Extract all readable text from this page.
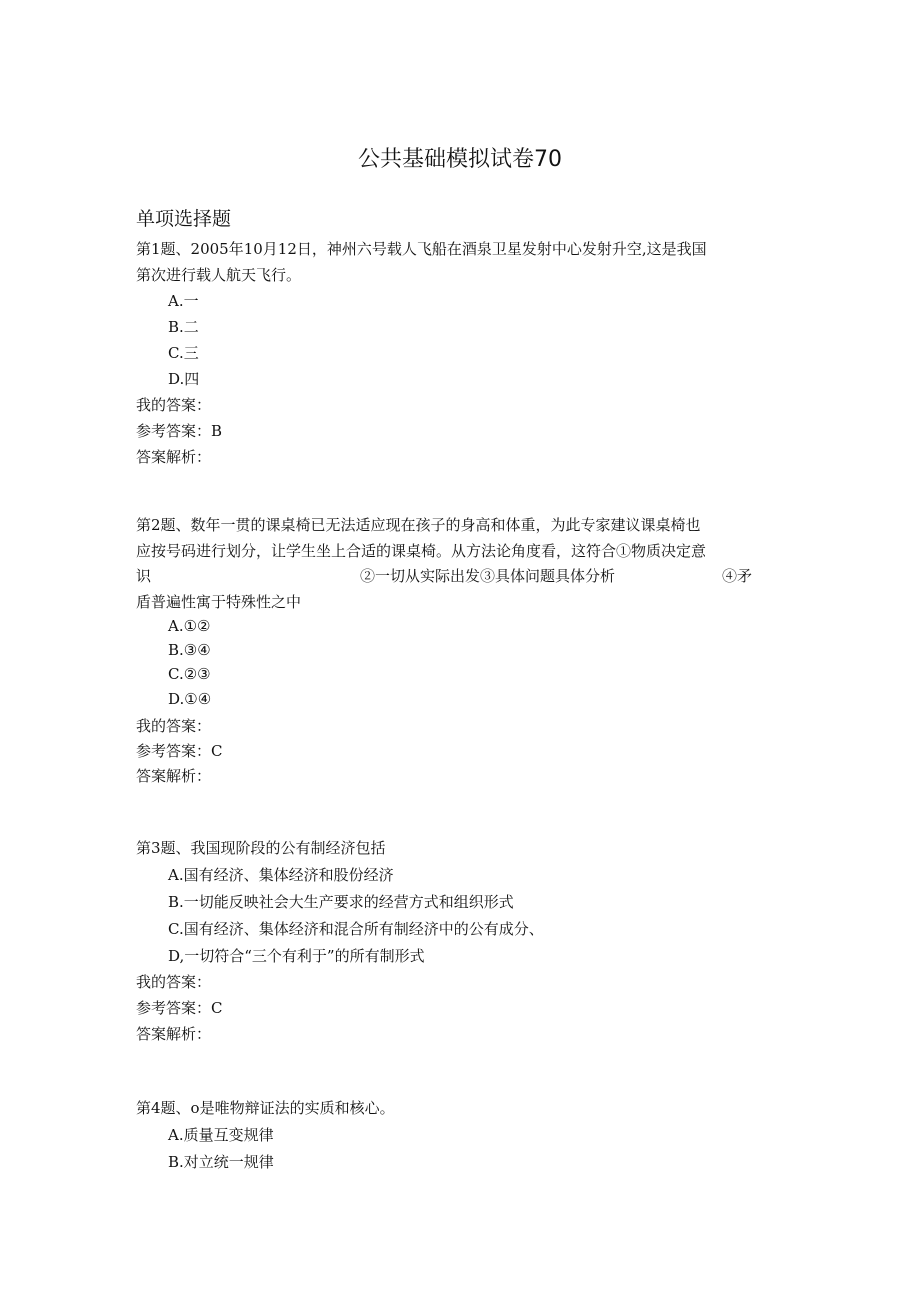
公共基础模拟试卷70
单项选择题
第1题、2005年10月12日，神州六号载人飞船在酒泉卫星发射中心发射升空,这是我国
第次进行载人航天飞行。
A.一
B.二
C.三
D.四
我的答案：
参考答案：B
答案解析：
第2题、数年一贯的课桌椅已无法适应现在孩子的身高和体重，为此专家建议课桌椅也
应按号码进行划分，让学生坐上合适的课桌椅。从方法论角度看，这符合①物质决定意
识	②一切从实际出发③具体问题具体分析	④矛
盾普遍性寓于特殊性之中
A.①②
B.③④
C.②③
D.①④
我的答案：
参考答案：C
答案解析：
第3题、我国现阶段的公有制经济包括
A.国有经济、集体经济和股份经济
B.一切能反映社会大生产要求的经营方式和组织形式
C.国有经济、集体经济和混合所有制经济中的公有成分、
D,一切符合“三个有利于”的所有制形式
我的答案：
参考答案：C
答案解析：
第4题、o是唯物辩证法的实质和核心。
A.质量互变规律
B.对立统一规律
